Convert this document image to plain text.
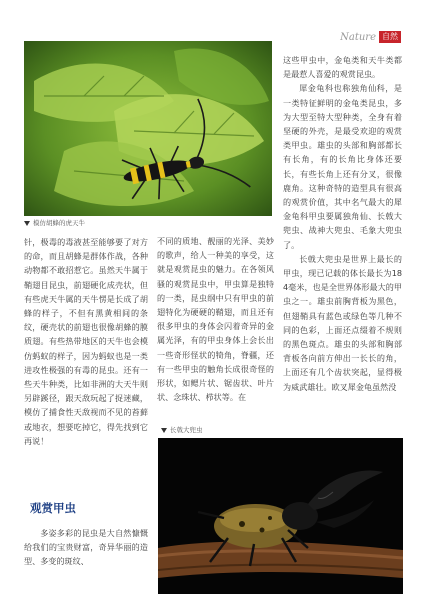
Nature 自然
模仿胡蜂的虎天牛

针，极毒的毒液甚至能够要了对方的命，而且胡蜂是群体作战，各种动物都不敢招惹它。虽然天牛属于鞘翅目昆虫，前翅硬化成壳状，但有些虎天牛属的天牛愣是长成了胡蜂的样子，不但有黑黄相间的条纹，硬壳状的前翅也很像胡蜂的膜质翅。有些热带地区的天牛也会模仿蚂蚁的样子，因为蚂蚁也是一类进攻性极强的有毒的昆虫。还有一些天牛种类，比如非洲的大天牛则另辟蹊径，跟天敌玩起了捉迷藏，模仿了捕食性天敌视而不见的苔藓或地衣，想要吃掉它，得先找到它再说！

观赏甲虫

多姿多彩的昆虫是大自然慷慨给我们的宝贵财富，奇异华丽的造型、多变的斑纹、

不同的质地、靓丽的光泽、美妙的歌声，给人一种美的享受，这就是观赏昆虫的魅力。在各领风骚的观赏昆虫中，甲虫算是独特的一类，昆虫纲中只有甲虫的前翅特化为硬硬的鞘翅，而且还有很多甲虫的身体会闪着奇异的金属光泽，有的甲虫身体上会长出一些奇形怪状的犄角，脊疆，还有一些甲虫的触角长成很奇怪的形状，如鳃片状、锯齿状、叶片状、念珠状、栉状等。在

这些甲虫中，金龟类和天牛类都是最惹人喜爱的观赏昆虫。

犀金龟科也称独角仙科，是一类特征鲜明的金龟类昆虫，多为大型至特大型种类，全身有着坚硬的外壳，是最受欢迎的观赏类甲虫。雄虫的头部和胸部都长有长角，有的长角比身体还要长，有些长角上还有分叉，很像鹿角。这种奇特的造型具有很高的观赏价值，其中名气最大的犀金龟科甲虫要属独角仙、长戟大兜虫、战神大兜虫、毛象大兜虫了。

长戟大兜虫是世界上最长的甲虫，现已记载的体长最长为184毫米，也是全世界体形最大的甲虫之一。雄虫前胸背板为黑色，但翅鞘具有蓝色或绿色等几种不同的色彩，上面还点缀着不规则的黑色斑点。雄虫的头部和胸部背板各向前方伸出一长长的角，上面还有几个齿状突起，显得极为威武雄壮。欧叉犀金龟虽然没

长戟大兜虫
